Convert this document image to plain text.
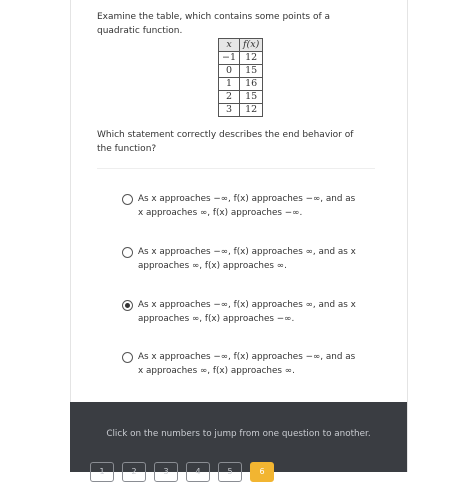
Examine the table, which contains some points of a quadratic function.
x	f(x)
−1	12
0	15
1	16
2	15
3	12
Which statement correctly describes the end behavior of the function?
As x approaches −∞, f(x) approaches −∞, and as x approaches ∞, f(x) approaches −∞.
As x approaches −∞, f(x) approaches ∞, and as x approaches ∞, f(x) approaches ∞.
As x approaches −∞, f(x) approaches ∞, and as x approaches ∞, f(x) approaches −∞.
As x approaches −∞, f(x) approaches −∞, and as x approaches ∞, f(x) approaches ∞.
Click on the numbers to jump from one question to another.
1	2	3	4	5	6
